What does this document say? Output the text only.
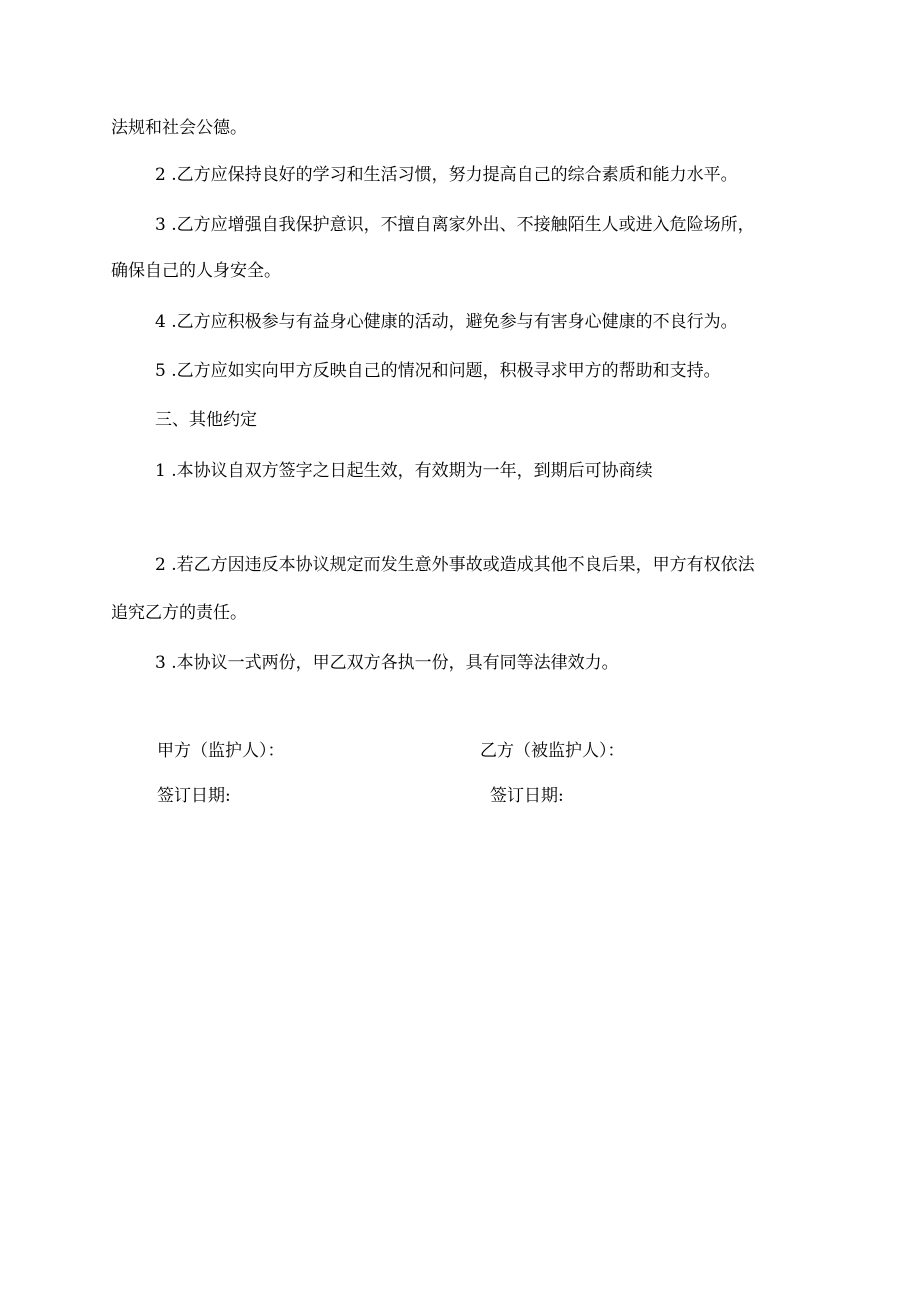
法规和社会公德。
2 .乙方应保持良好的学习和生活习惯，努力提高自己的综合素质和能力水平。
3 .乙方应增强自我保护意识，不擅自离家外出、不接触陌生人或进入危险场所，
确保自己的人身安全。
4 .乙方应积极参与有益身心健康的活动，避免参与有害身心健康的不良行为。
5 .乙方应如实向甲方反映自己的情况和问题，积极寻求甲方的帮助和支持。
三、其他约定
1 .本协议自双方签字之日起生效，有效期为一年，到期后可协商续
2 .若乙方因违反本协议规定而发生意外事故或造成其他不良后果，甲方有权依法
追究乙方的责任。
3 .本协议一式两份，甲乙双方各执一份，具有同等法律效力。
甲方（监护人）：	乙方（被监护人）：
签订日期:	签订日期:
